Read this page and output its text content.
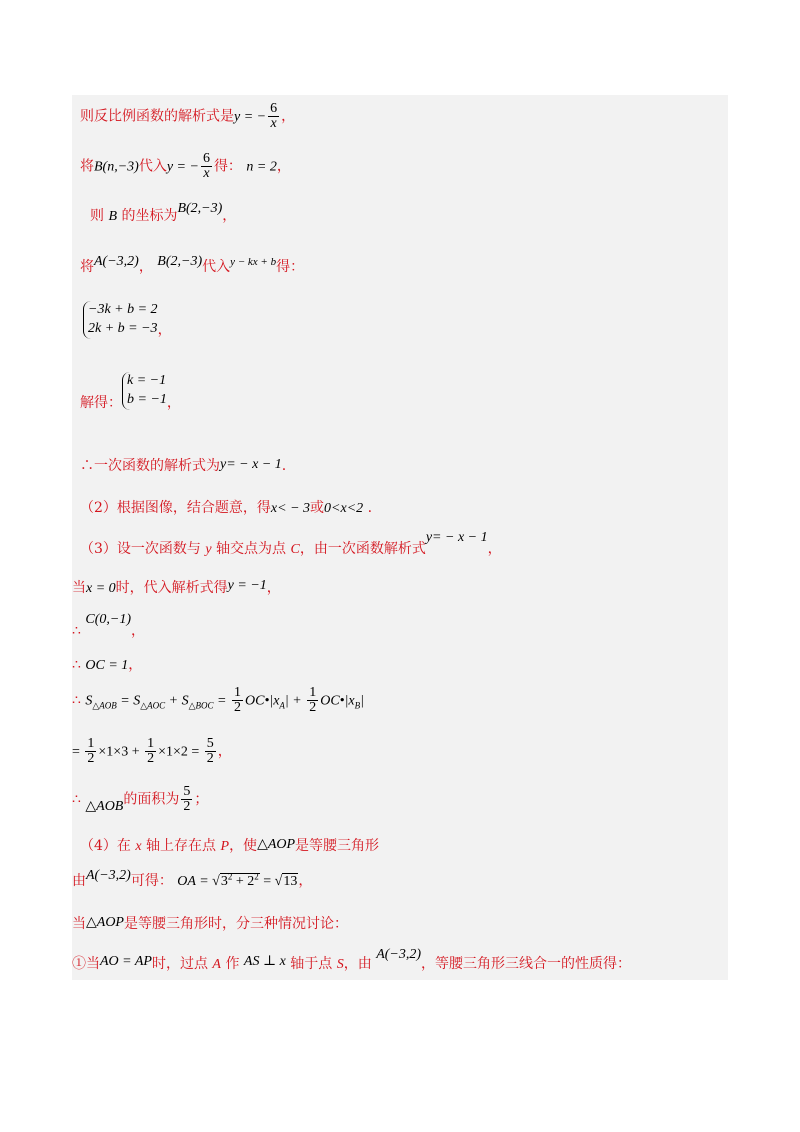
则反比例函数的解析式是y = − $\frac{6}{x}$ ，
将B(n,−3)代入y = − $\frac{6}{x}$ 得： n = 2，
则 B 的坐标为B(2,−3)，
将A(−3,2)， B(2,−3)代入$^{y - kx + b}$得：
−3k + b = 2
2k + b = −3 ，
解得：
k = −1
b = −1 ，
∴一次函数的解析式为y= − x − 1.
（2）根据图像，结合题意，得x< − 3或0<x<2 .
（3）设一次函数与 y 轴交点为点 C，由一次函数解析式y= − x − 1，
当x = 0时，代入解析式得y = −1，
∴ C(0,−1)，
∴ OC = 1，
∴ $S_{\triangle AOB} = S_{\triangle AOC} + S_{\triangle BOC} = \frac{1}{2}$ $OC•|x_A| + \frac{1}{2}$ $OC•|x_B|$
= $\frac{1}{2} \times 1\times 3 + \frac{1}{2} \times 1\times 2 = \frac{5}{2}$ ，
∴ △AOB的面积为 $\frac{5}{2}$ ；
（4）在 x 轴上存在点 P，使△AOP是等腰三角形
由A(−3,2)可得： OA = $√3^2 + 2^2 = √13$，
当△AOP是等腰三角形时，分三种情况讨论：
①当AO = AP时，过点 A 作 AS ⊥ x 轴于点 S，由 A(−3,2)，等腰三角形三线合一的性质得：
